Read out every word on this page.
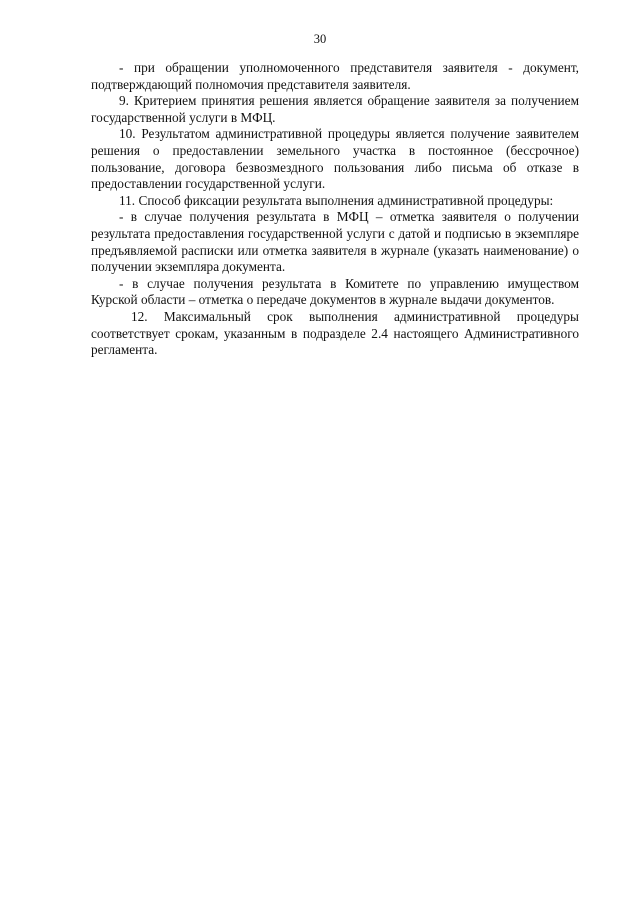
30

- при обращении уполномоченного представителя заявителя - документ, подтверждающий полномочия представителя заявителя.

9. Критерием принятия решения является обращение заявителя за получением государственной услуги в МФЦ.

10. Результатом административной процедуры является получение заявителем решения о предоставлении земельного участка в постоянное (бессрочное) пользование, договора безвозмездного пользования либо письма об отказе в предоставлении государственной услуги.

11. Способ фиксации результата выполнения административной процедуры:

- в случае получения результата в МФЦ – отметка заявителя о получении результата предоставления государственной услуги с датой и подписью в экземпляре предъявляемой расписки или отметка заявителя в журнале (указать наименование) о получении экземпляра документа.

- в случае получения результата в Комитете по управлению имуществом Курской области – отметка о передаче документов в журнале выдачи документов.

12. Максимальный срок выполнения административной процедуры соответствует срокам, указанным в подразделе 2.4 настоящего Административного регламента.
